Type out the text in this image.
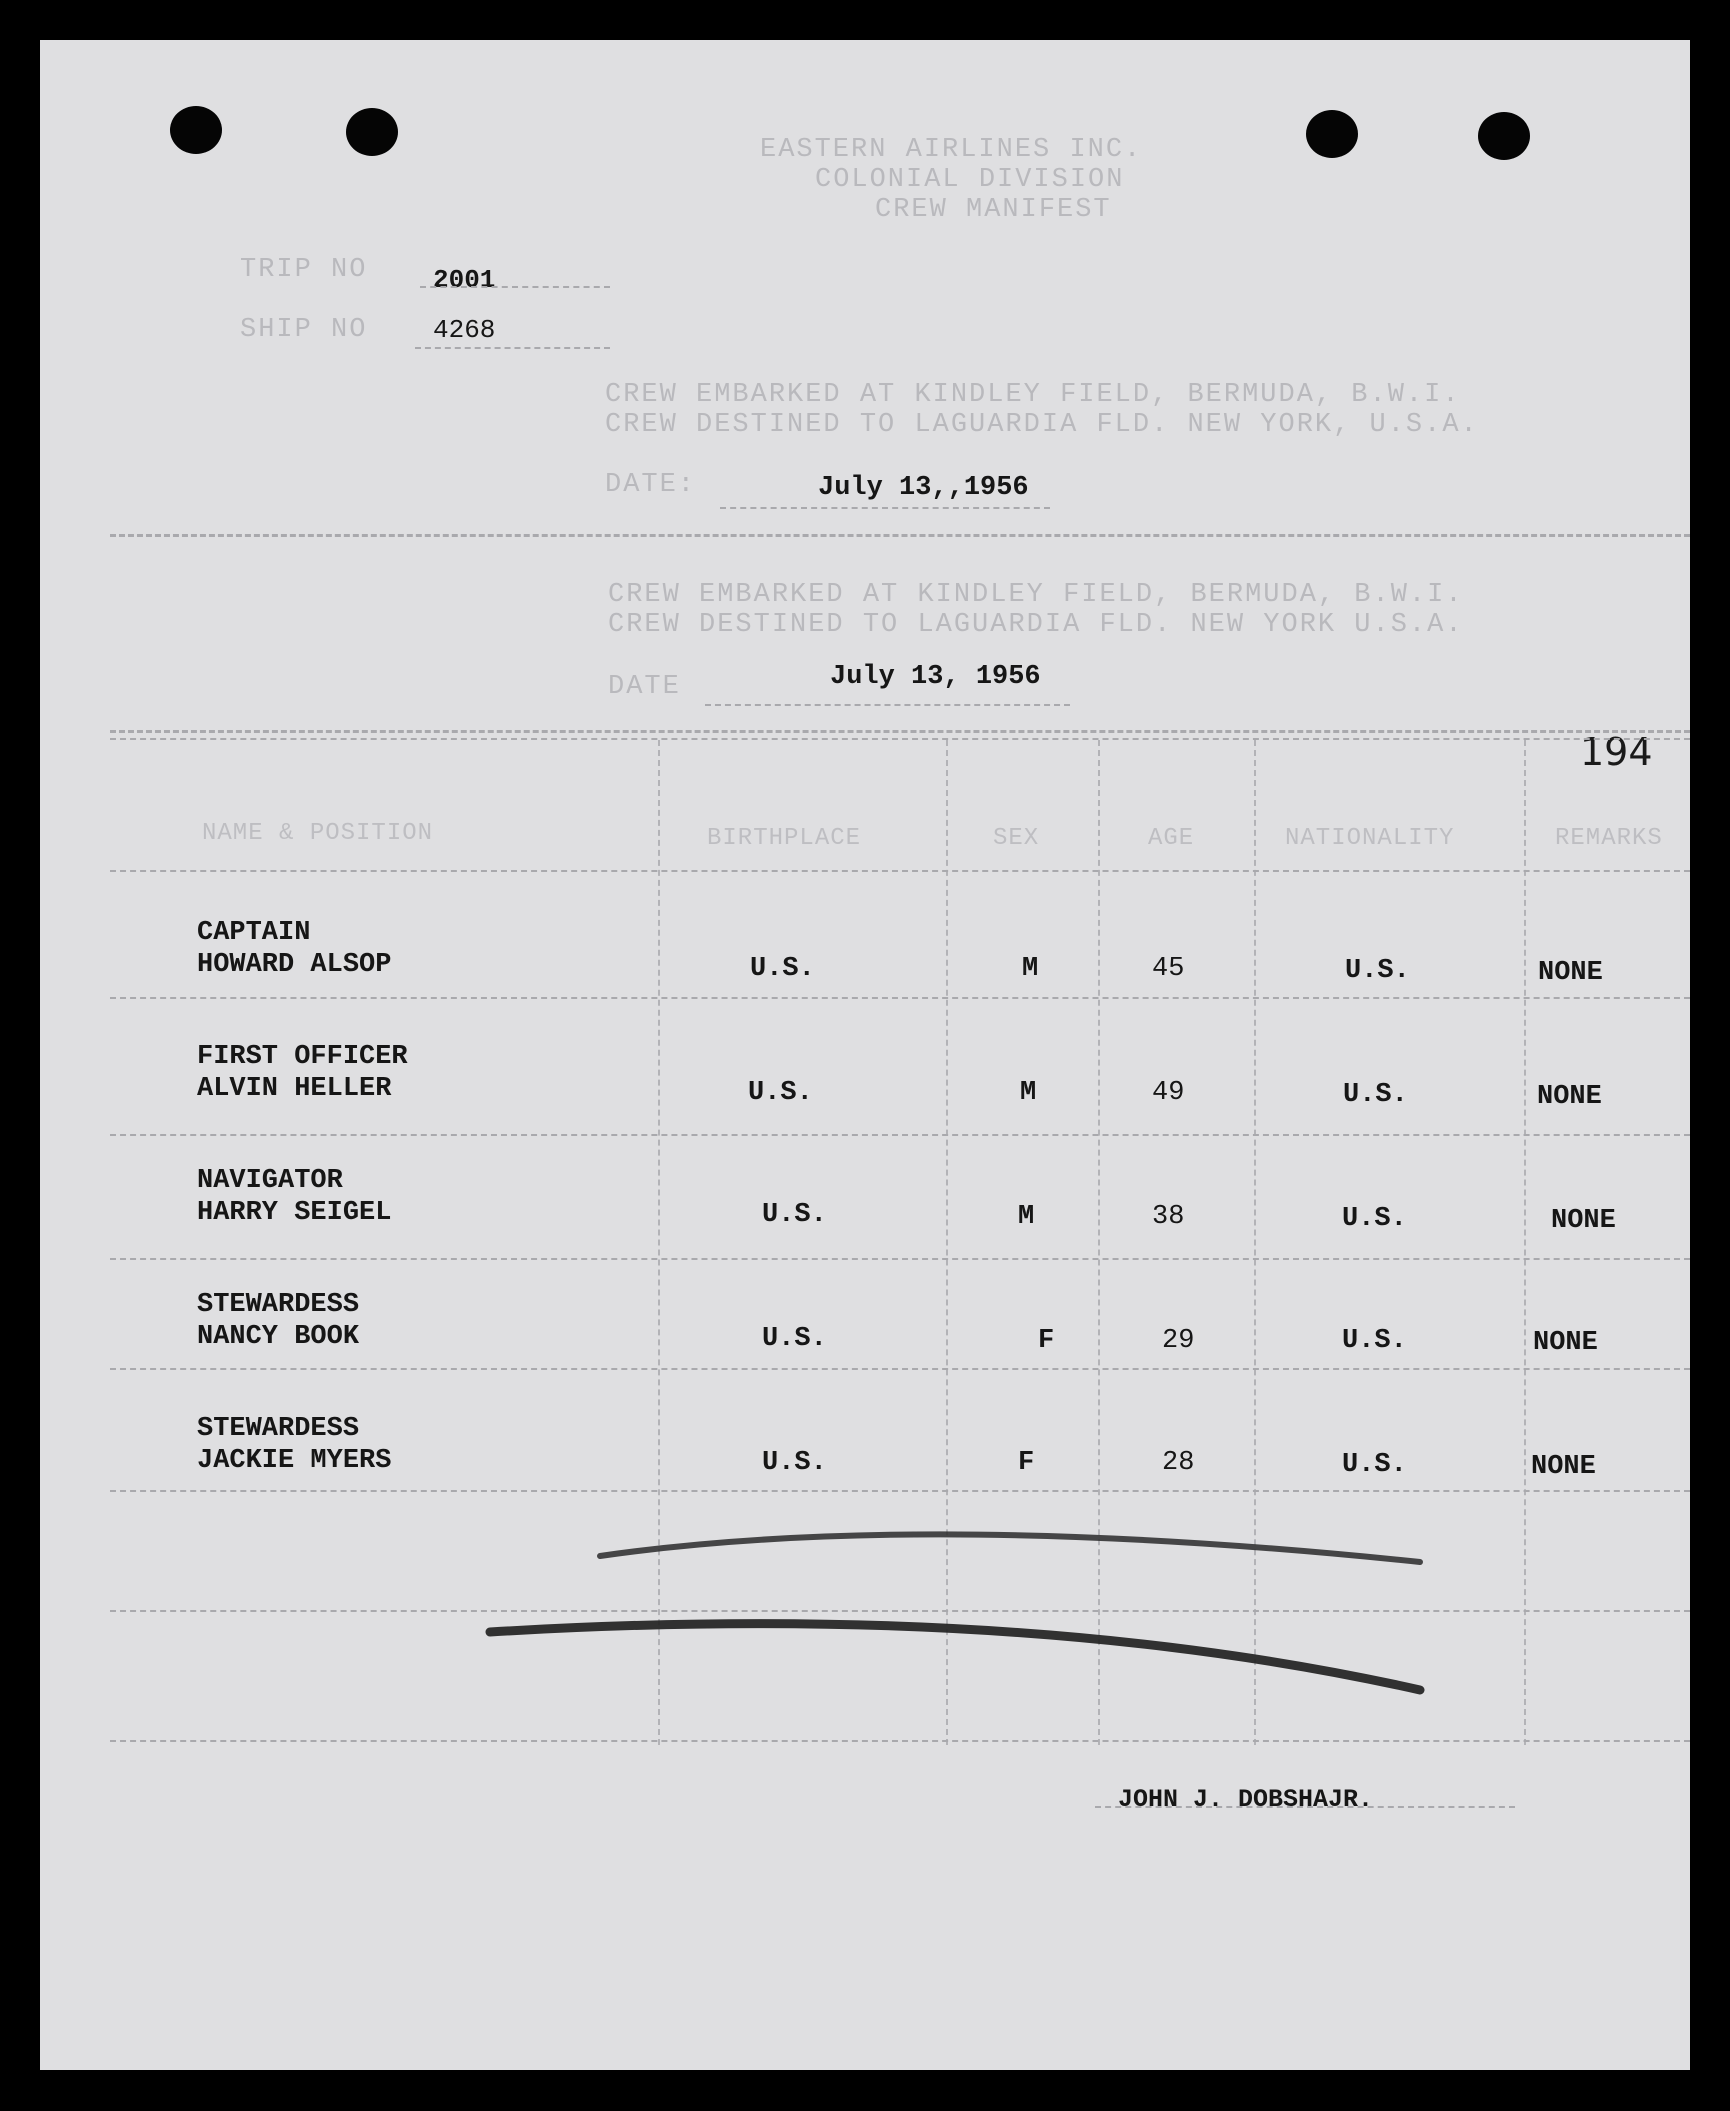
EASTERN AIRLINES INC.
COLONIAL DIVISION
CREW MANIFEST
TRIP NO	2001
SHIP NO	4268
CREW EMBARKED AT KINDLEY FIELD, BERMUDA, B.W.I.
CREW DESTINED TO LAGUARDIA FLD. NEW YORK, U.S.A.
DATE:	July 13,,1956
CREW EMBARKED AT KINDLEY FIELD, BERMUDA, B.W.I.
CREW DESTINED TO LAGUARDIA FLD. NEW YORK U.S.A.
DATE	July 13, 1956
194
NAME & POSITION	BIRTHPLACE	SEX	AGE	NATIONALITY	REMARKS
CAPTAIN
HOWARD ALSOP	U.S.	M	45	U.S.	NONE
FIRST OFFICER
ALVIN HELLER	U.S.	M	49	U.S.	NONE
NAVIGATOR
HARRY SEIGEL	U.S.	M	38	U.S.	NONE
STEWARDESS
NANCY BOOK	U.S.	F	29	U.S.	NONE
STEWARDESS
JACKIE MYERS	U.S.	F	28	U.S.	NONE
JOHN J. DOBSHAJR.
